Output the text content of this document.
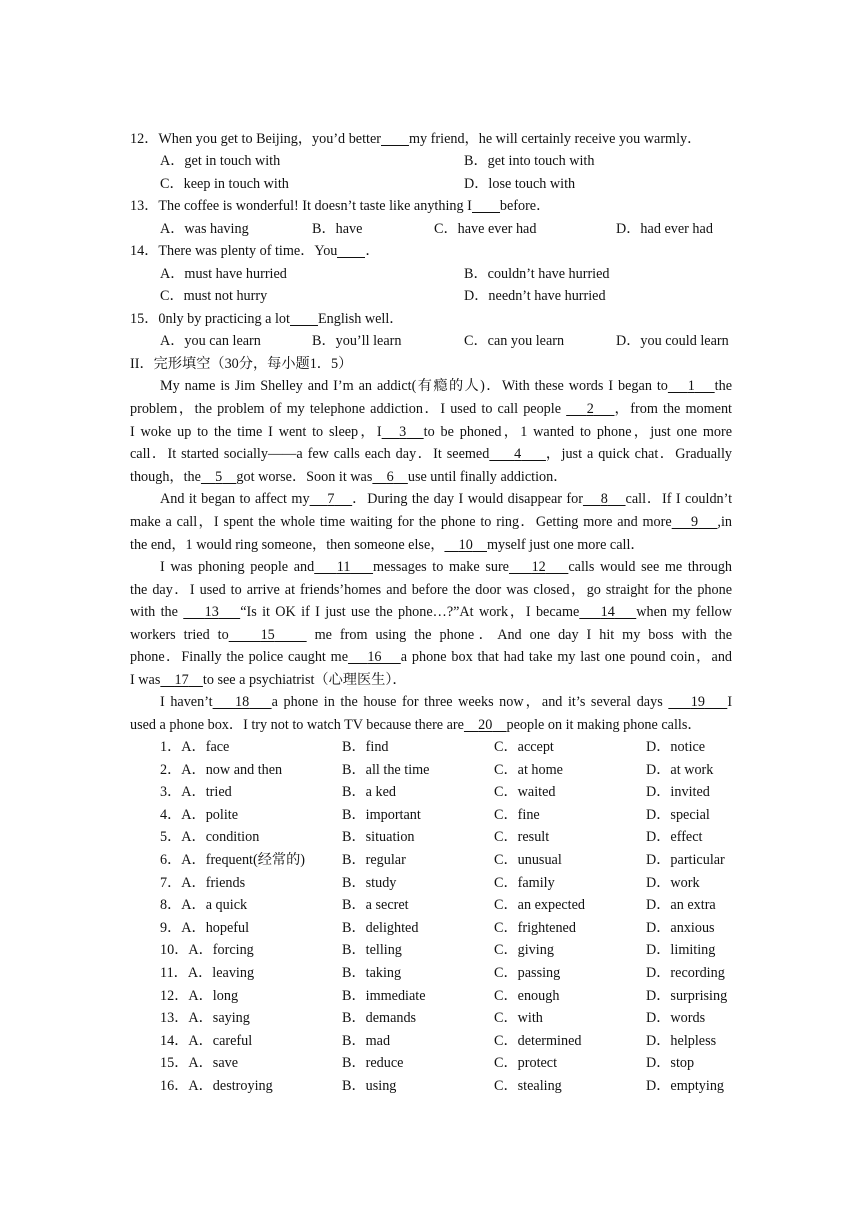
12．When you get to Beijing，you’d better my friend，he will certainly receive you warmly．
A．get in touch with	B．get into touch with
C．keep in touch with	D．lose touch with
13．The coffee is wonderful! It doesn’t taste like anything I before．
A．was having	B．have	C．have ever had	D．had ever had
14．There was plenty of time．You ．
A．must have hurried	B．couldn’t have hurried
C．must not hurry	D．needn’t have hurried
15．0nly by practicing a lot English well．
A．you can learn	B．you’ll learn	C．can you learn	D．you could learn
II．完形填空（30分，每小题1．5）
My name is Jim Shelley and I’m an addict(有瘾的人)．With these words I began to 1 the
problem，the problem of my telephone addiction．I used to call people     2 ，from the moment
I woke up to the time I went to sleep，I 3 to be phoned，1 wanted to phone，just one more
call．It started socially——a few calls each day．It seemed 4 ，just a quick chat．Gradually
though，the 5 got worse．Soon it was 6 use until finally addiction．
And it began to affect my 7 ．During the day I would disappear for 8 call．If I couldn’t
make a call，I spent the whole time waiting for the phone to ring．Getting more and more 9 ,in
the end，1 would ring someone，then someone else， 10 myself just one more call．
I was phoning people and 11 messages to make sure 12 calls would see me through
the day．I used to arrive at friends’homes and before the door was closed，go straight for the phone
with the     13 “Is it OK if I just use the phone…?”At work，I became 14 when my fellow
workers tried to 15     me from using the phone．And one day I hit my boss with the
phone．Finally the police caught me 16 a phone box that had take my last one pound coin，and
I was 17 to see a psychiatrist（心理医生）．
I haven’t 18 a phone in the house for three weeks now，and it’s several days     19 I
used a phone box．I try not to watch TV because there are 20 people on it making phone calls．
1．A．face	B．find	C．accept	D．notice
2．A．now and then	B．all the time	C．at home	D．at work
3．A．tried	B．a ked	C．waited	D．invited
4．A．polite	B．important	C．fine	D．special
5．A．condition	B．situation	C．result	D．effect
6．A．frequent(经常的)	B．regular	C．unusual	D．particular
7．A．friends	B．study	C．family	D．work
8．A．a quick	B．a secret	C．an expected	D．an extra
9．A．hopeful	B．delighted	C．frightened	D．anxious
10．A．forcing	B．telling	C．giving	D．limiting
11．A．leaving	B．taking	C．passing	D．recording
12．A．long	B．immediate	C．enough	D．surprising
13．A．saying	B．demands	C．with	D．words
14．A．careful	B．mad	C．determined	D．helpless
15．A．save	B．reduce	C．protect	D．stop
16．A．destroying	B．using	C．stealing	D．emptying
